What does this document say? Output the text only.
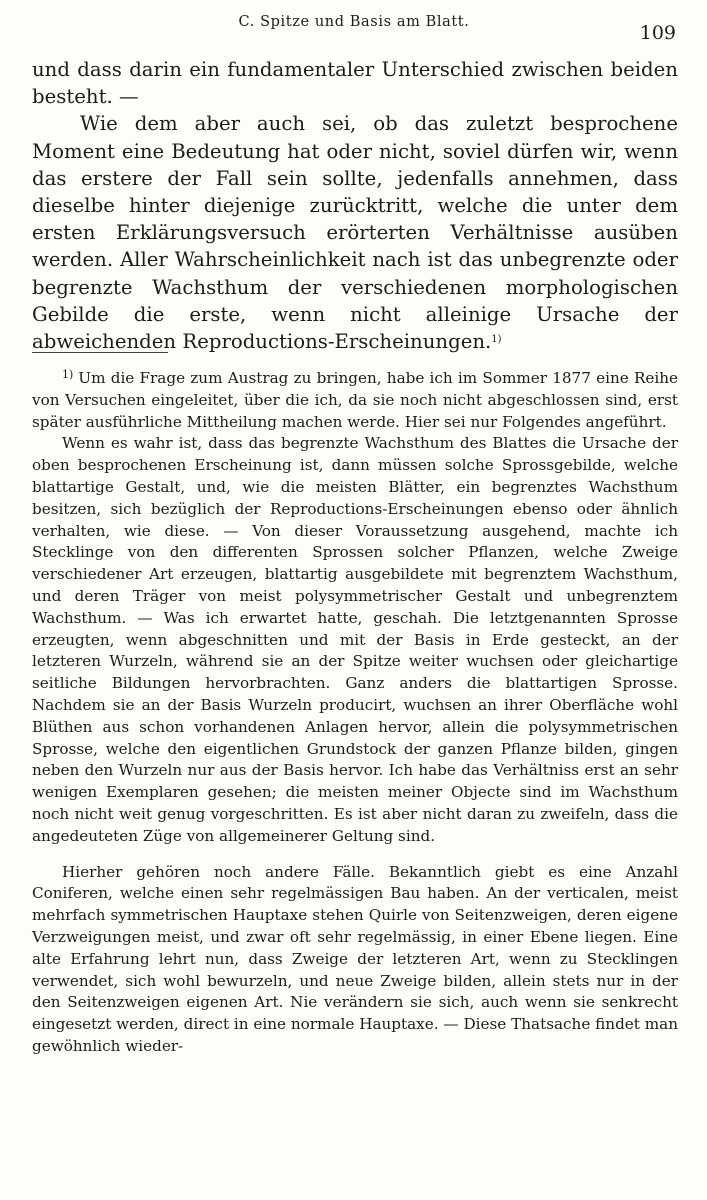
C. Spitze und Basis am Blatt.	109

und dass darin ein fundamentaler Unterschied zwischen beiden besteht. —

Wie dem aber auch sei, ob das zuletzt besprochene Moment eine Bedeutung hat oder nicht, soviel dürfen wir, wenn das erstere der Fall sein sollte, jedenfalls annehmen, dass dieselbe hinter diejenige zurücktritt, welche die unter dem ersten Erklärungsversuch erörterten Verhältnisse ausüben werden. Aller Wahrscheinlichkeit nach ist das unbegrenzte oder begrenzte Wachsthum der verschiedenen morphologischen Gebilde die erste, wenn nicht alleinige Ursache der abweichenden Reproductions-Erscheinungen.$^{1)}$

$^{1)}$ Um die Frage zum Austrag zu bringen, habe ich im Sommer 1877 eine Reihe von Versuchen eingeleitet, über die ich, da sie noch nicht abgeschlossen sind, erst später ausführliche Mittheilung machen werde. Hier sei nur Folgendes angeführt.

Wenn es wahr ist, dass das begrenzte Wachsthum des Blattes die Ursache der oben besprochenen Erscheinung ist, dann müssen solche Sprossgebilde, welche blattartige Gestalt, und, wie die meisten Blätter, ein begrenztes Wachsthum besitzen, sich bezüglich der Reproductions-Erscheinungen ebenso oder ähnlich verhalten, wie diese. — Von dieser Voraussetzung ausgehend, machte ich Stecklinge von den differenten Sprossen solcher Pflanzen, welche Zweige verschiedener Art erzeugen, blattartig ausgebildete mit begrenztem Wachsthum, und deren Träger von meist polysymmetrischer Gestalt und unbegrenztem Wachsthum. — Was ich erwartet hatte, geschah. Die letztgenannten Sprosse erzeugten, wenn abgeschnitten und mit der Basis in Erde gesteckt, an der letzteren Wurzeln, während sie an der Spitze weiter wuchsen oder gleichartige seitliche Bildungen hervorbrachten. Ganz anders die blattartigen Sprosse. Nachdem sie an der Basis Wurzeln producirt, wuchsen an ihrer Oberfläche wohl Blüthen aus schon vorhandenen Anlagen hervor, allein die polysymmetrischen Sprosse, welche den eigentlichen Grundstock der ganzen Pflanze bilden, gingen neben den Wurzeln nur aus der Basis hervor. Ich habe das Verhältniss erst an sehr wenigen Exemplaren gesehen; die meisten meiner Objecte sind im Wachsthum noch nicht weit genug vorgeschritten. Es ist aber nicht daran zu zweifeln, dass die angedeuteten Züge von allgemeinerer Geltung sind.

Hierher gehören noch andere Fälle. Bekanntlich giebt es eine Anzahl Coniferen, welche einen sehr regelmässigen Bau haben. An der verticalen, meist mehrfach symmetrischen Hauptaxe stehen Quirle von Seitenzweigen, deren eigene Verzweigungen meist, und zwar oft sehr regelmässig, in einer Ebene liegen. Eine alte Erfahrung lehrt nun, dass Zweige der letzteren Art, wenn zu Stecklingen verwendet, sich wohl bewurzeln, und neue Zweige bilden, allein stets nur in der den Seitenzweigen eigenen Art. Nie verändern sie sich, auch wenn sie senkrecht eingesetzt werden, direct in eine normale Hauptaxe. — Diese Thatsache findet man gewöhnlich wieder-
